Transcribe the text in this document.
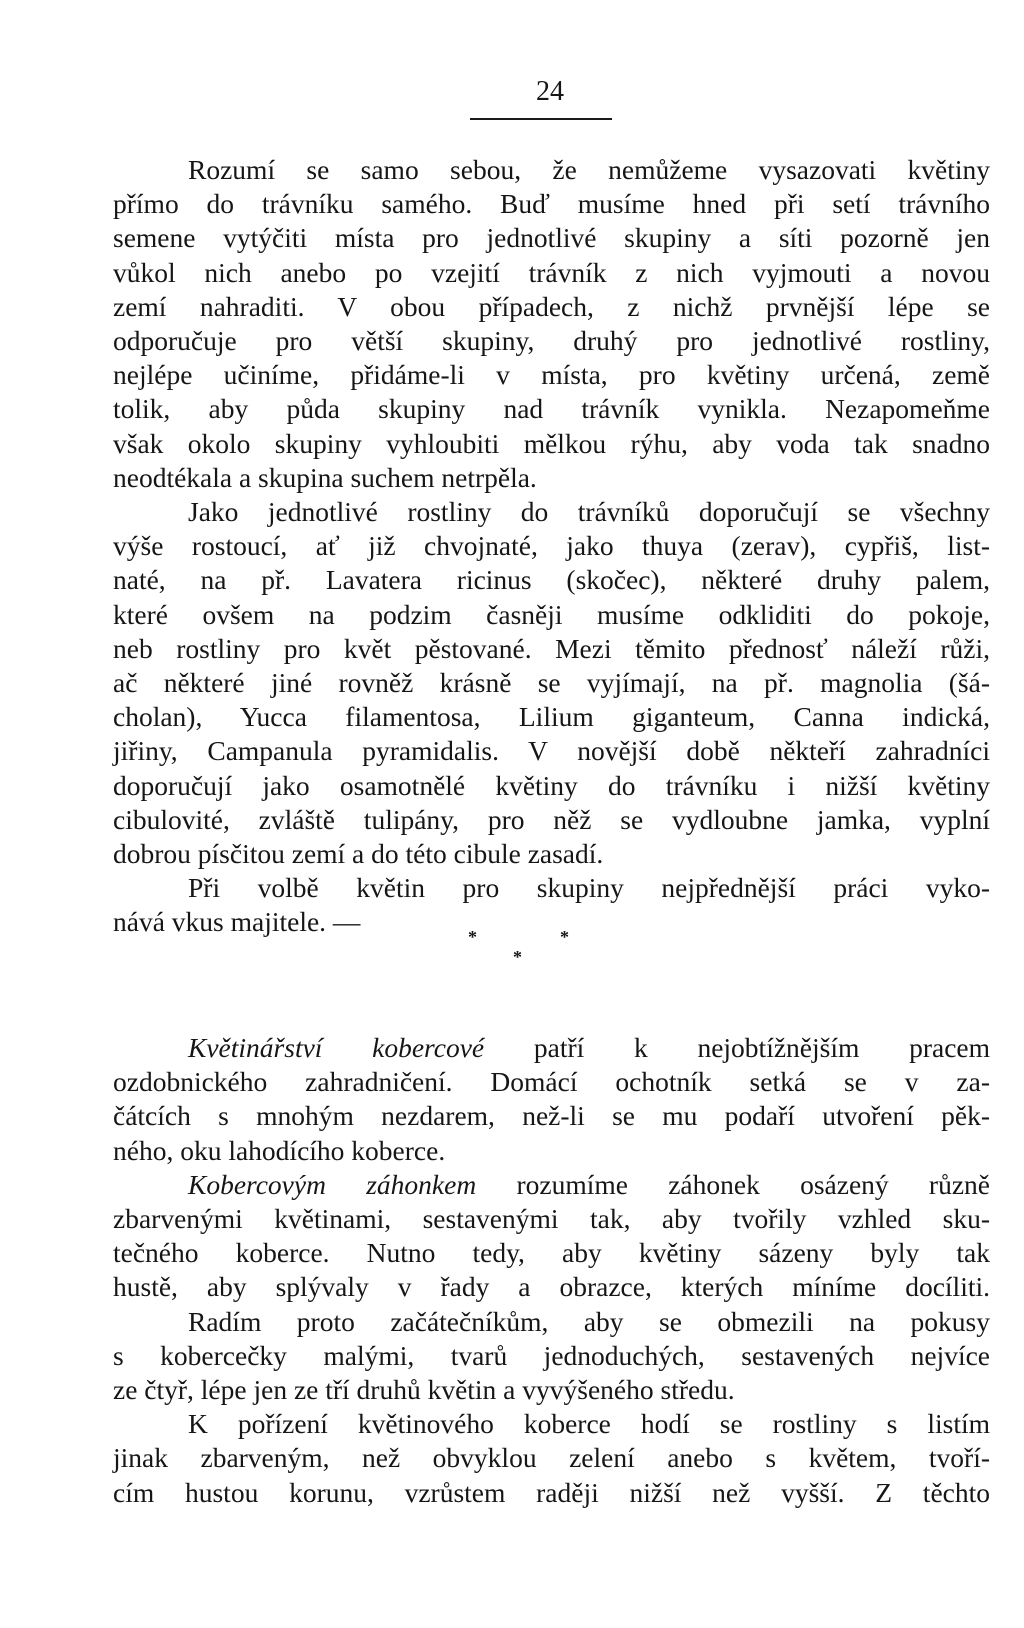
24
Rozumí se samo sebou, že nemůžeme vysazovati květiny
přímo do trávníku samého. Buď musíme hned při setí trávního
semene vytýčiti místa pro jednotlivé skupiny a síti pozorně jen
vůkol nich anebo po vzejití trávník z nich vyjmouti a novou
zemí nahraditi. V obou případech, z nichž prvnější lépe se
odporučuje pro větší skupiny, druhý pro jednotlivé rostliny,
nejlépe učiníme, přidáme-li v místa, pro květiny určená, země
tolik, aby půda skupiny nad trávník vynikla. Nezapomeňme
však okolo skupiny vyhloubiti mělkou rýhu, aby voda tak snadno
neodtékala a skupina suchem netrpěla.
Jako jednotlivé rostliny do trávníků doporučují se všechny
výše rostoucí, ať již chvojnaté, jako thuya (zerav), cypřiš, list-
naté, na př. Lavatera ricinus (skočec), některé druhy palem,
které ovšem na podzim časněji musíme odkliditi do pokoje,
neb rostliny pro květ pěstované. Mezi těmito přednosť náleží růži,
ač některé jiné rovněž krásně se vyjímají, na př. magnolia (šá-
cholan), Yucca filamentosa, Lilium giganteum, Canna indická,
jiřiny, Campanula pyramidalis. V novější době někteří zahradníci
doporučují jako osamotnělé květiny do trávníku i nižší květiny
cibulovité, zvláště tulipány, pro něž se vydloubne jamka, vyplní
dobrou písčitou zemí a do této cibule zasadí.
Při volbě květin pro skupiny nejpřednější práci vyko-
nává vkus majitele. —	*	*
*
Květinářství kobercové patří k nejobtížnějším pracem
ozdobnického zahradničení. Domácí ochotník setká se v za-
čátcích s mnohým nezdarem, než-li se mu podaří utvoření pěk-
ného, oku lahodícího koberce.
Kobercovým záhonkem rozumíme záhonek osázený různě
zbarvenými květinami, sestavenými tak, aby tvořily vzhled sku-
tečného koberce. Nutno tedy, aby květiny sázeny byly tak
hustě, aby splývaly v řady a obrazce, kterých míníme docíliti.
Radím proto začátečníkům, aby se obmezili na pokusy
s kobercečky malými, tvarů jednoduchých, sestavených nejvíce
ze čtyř, lépe jen ze tří druhů květin a vyvýšeného středu.
K pořízení květinového koberce hodí se rostliny s listím
jinak zbarveným, než obvyklou zelení anebo s květem, tvoří-
cím hustou korunu, vzrůstem raději nižší než vyšší. Z těchto
